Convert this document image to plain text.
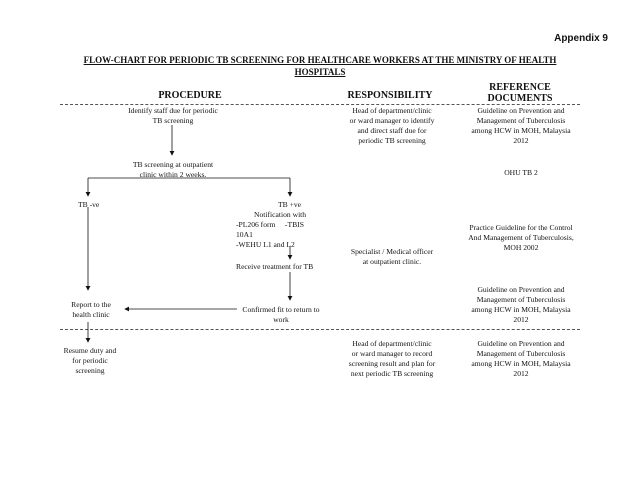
Appendix 9
FLOW-CHART FOR PERIODIC TB SCREENING FOR HEALTHCARE WORKERS AT THE MINISTRY OF HEALTH
HOSPITALS
PROCEDURE	RESPONSIBILITY
REFERENCE
DOCUMENTS
Identify staff due for periodic
TB screening
TB screening at outpatient
clinic within 2 weeks.
TB -ve	TB +ve
Notification with
-PL206 form     -TBIS
10A1
-WEHU L1 and L2
Receive treatment for TB
Confirmed fit to return to
work
Report to the
health clinic
Resume duty and
for periodic
screening
Head of department/clinic
or ward manager to identify
and direct staff due for
periodic TB screening
Specialist / Medical officer
at outpatient clinic.
Head of department/clinic
or ward manager to record
screening result and plan for
next periodic TB screening
Guideline on Prevention and
Management of Tuberculosis
among HCW in MOH, Malaysia
2012
OHU TB 2
Practice Guideline for the Control
And Management of Tuberculosis,
MOH 2002
Guideline on Prevention and
Management of Tuberculosis
among HCW in MOH, Malaysia
2012
Guideline on Prevention and
Management of Tuberculosis
among HCW in MOH, Malaysia
2012
